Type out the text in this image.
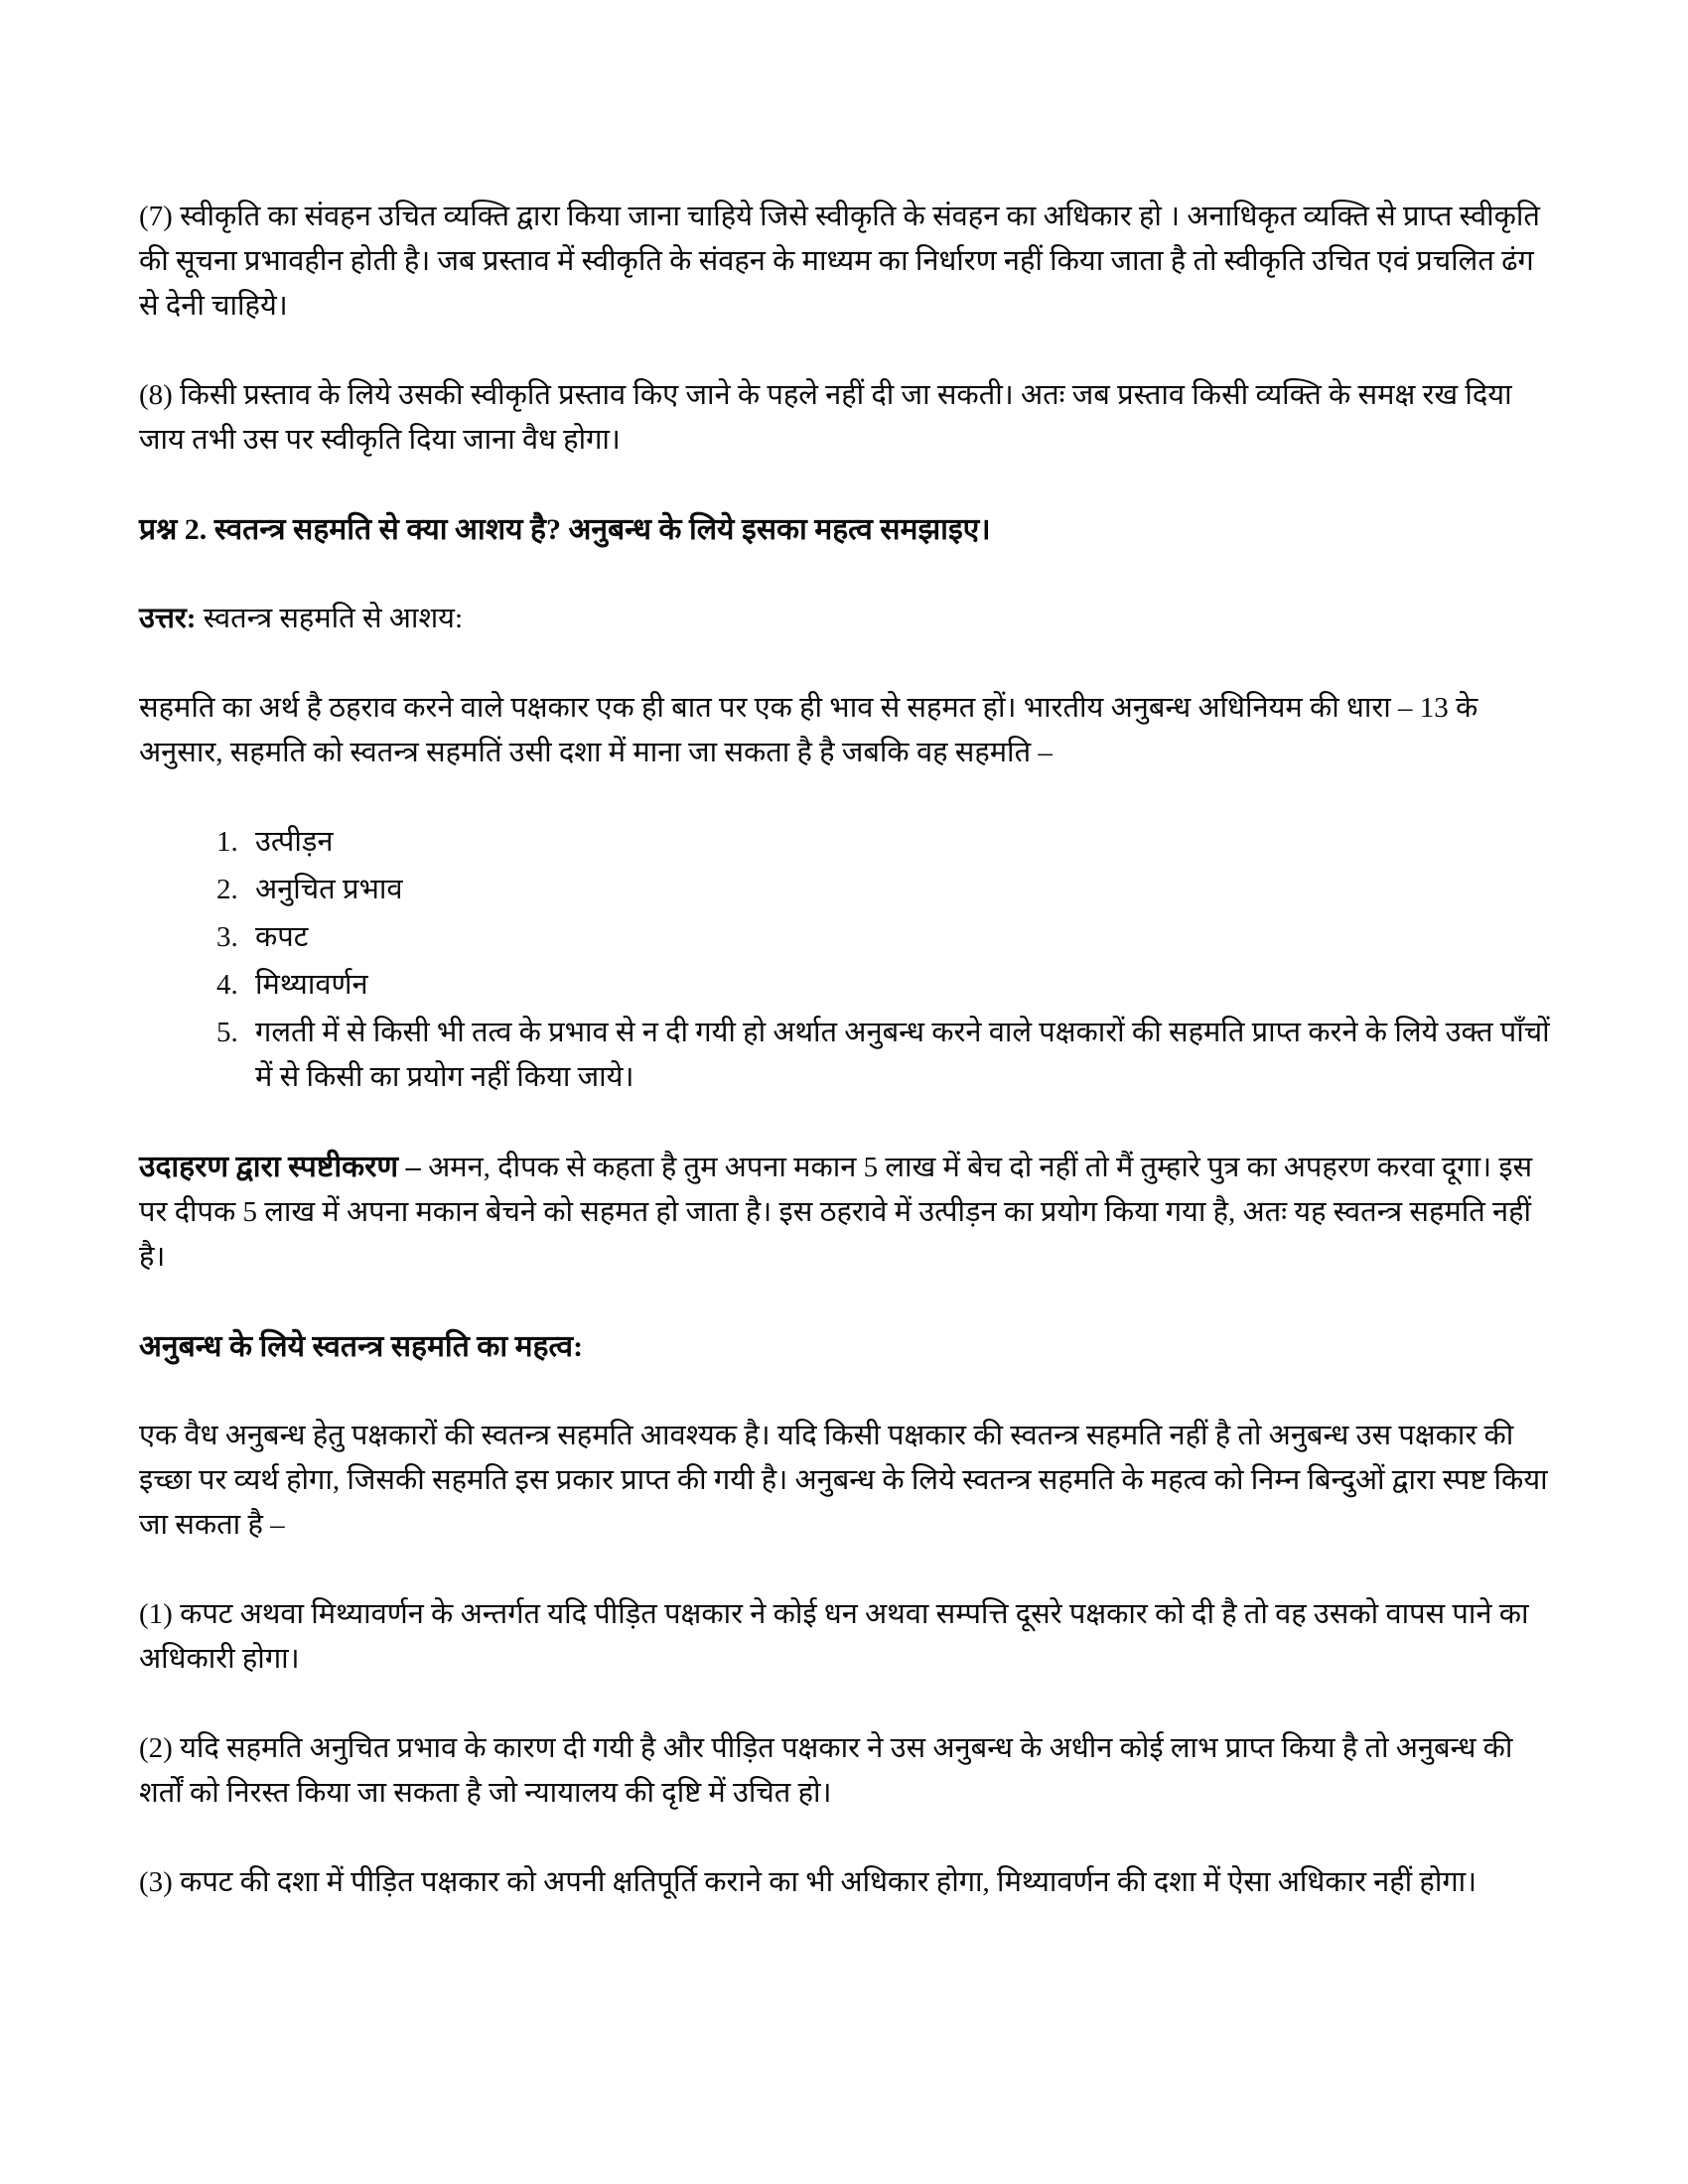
(7) स्वीकृति का संवहन उचित व्यक्ति द्वारा किया जाना चाहिये जिसे स्वीकृति के संवहन का अधिकार हो । अनाधिकृत व्यक्ति से प्राप्त स्वीकृति की सूचना प्रभावहीन होती है। जब प्रस्ताव में स्वीकृति के संवहन के माध्यम का निर्धारण नहीं किया जाता है तो स्वीकृति उचित एवं प्रचलित ढंग से देनी चाहिये।

(8) किसी प्रस्ताव के लिये उसकी स्वीकृति प्रस्ताव किए जाने के पहले नहीं दी जा सकती। अतः जब प्रस्ताव किसी व्यक्ति के समक्ष रख दिया जाय तभी उस पर स्वीकृति दिया जाना वैध होगा।

प्रश्न 2. स्वतन्त्र सहमति से क्या आशय है? अनुबन्ध के लिये इसका महत्व समझाइए।

उत्तर: स्वतन्त्र सहमति से आशय:

सहमति का अर्थ है ठहराव करने वाले पक्षकार एक ही बात पर एक ही भाव से सहमत हों। भारतीय अनुबन्ध अधिनियम की धारा – 13 के अनुसार, सहमति को स्वतन्त्र सहमतिं उसी दशा में माना जा सकता है है जबकि वह सहमति –

1. उत्पीड़न
2. अनुचित प्रभाव
3. कपट
4. मिथ्यावर्णन
5. गलती में से किसी भी तत्व के प्रभाव से न दी गयी हो अर्थात अनुबन्ध करने वाले पक्षकारों की सहमति प्राप्त करने के लिये उक्त पाँचों में से किसी का प्रयोग नहीं किया जाये।

उदाहरण द्वारा स्पष्टीकरण – अमन, दीपक से कहता है तुम अपना मकान 5 लाख में बेच दो नहीं तो मैं तुम्हारे पुत्र का अपहरण करवा दूगा। इस पर दीपक 5 लाख में अपना मकान बेचने को सहमत हो जाता है। इस ठहरावे में उत्पीड़न का प्रयोग किया गया है, अतः यह स्वतन्त्र सहमति नहीं है।

अनुबन्ध के लिये स्वतन्त्र सहमति का महत्व:

एक वैध अनुबन्ध हेतु पक्षकारों की स्वतन्त्र सहमति आवश्यक है। यदि किसी पक्षकार की स्वतन्त्र सहमति नहीं है तो अनुबन्ध उस पक्षकार की इच्छा पर व्यर्थ होगा, जिसकी सहमति इस प्रकार प्राप्त की गयी है। अनुबन्ध के लिये स्वतन्त्र सहमति के महत्व को निम्न बिन्दुओं द्वारा स्पष्ट किया जा सकता है –

(1) कपट अथवा मिथ्यावर्णन के अन्तर्गत यदि पीड़ित पक्षकार ने कोई धन अथवा सम्पत्ति दूसरे पक्षकार को दी है तो वह उसको वापस पाने का अधिकारी होगा।

(2) यदि सहमति अनुचित प्रभाव के कारण दी गयी है और पीड़ित पक्षकार ने उस अनुबन्ध के अधीन कोई लाभ प्राप्त किया है तो अनुबन्ध की शर्तों को निरस्त किया जा सकता है जो न्यायालय की दृष्टि में उचित हो।

(3) कपट की दशा में पीड़ित पक्षकार को अपनी क्षतिपूर्ति कराने का भी अधिकार होगा, मिथ्यावर्णन की दशा में ऐसा अधिकार नहीं होगा।
